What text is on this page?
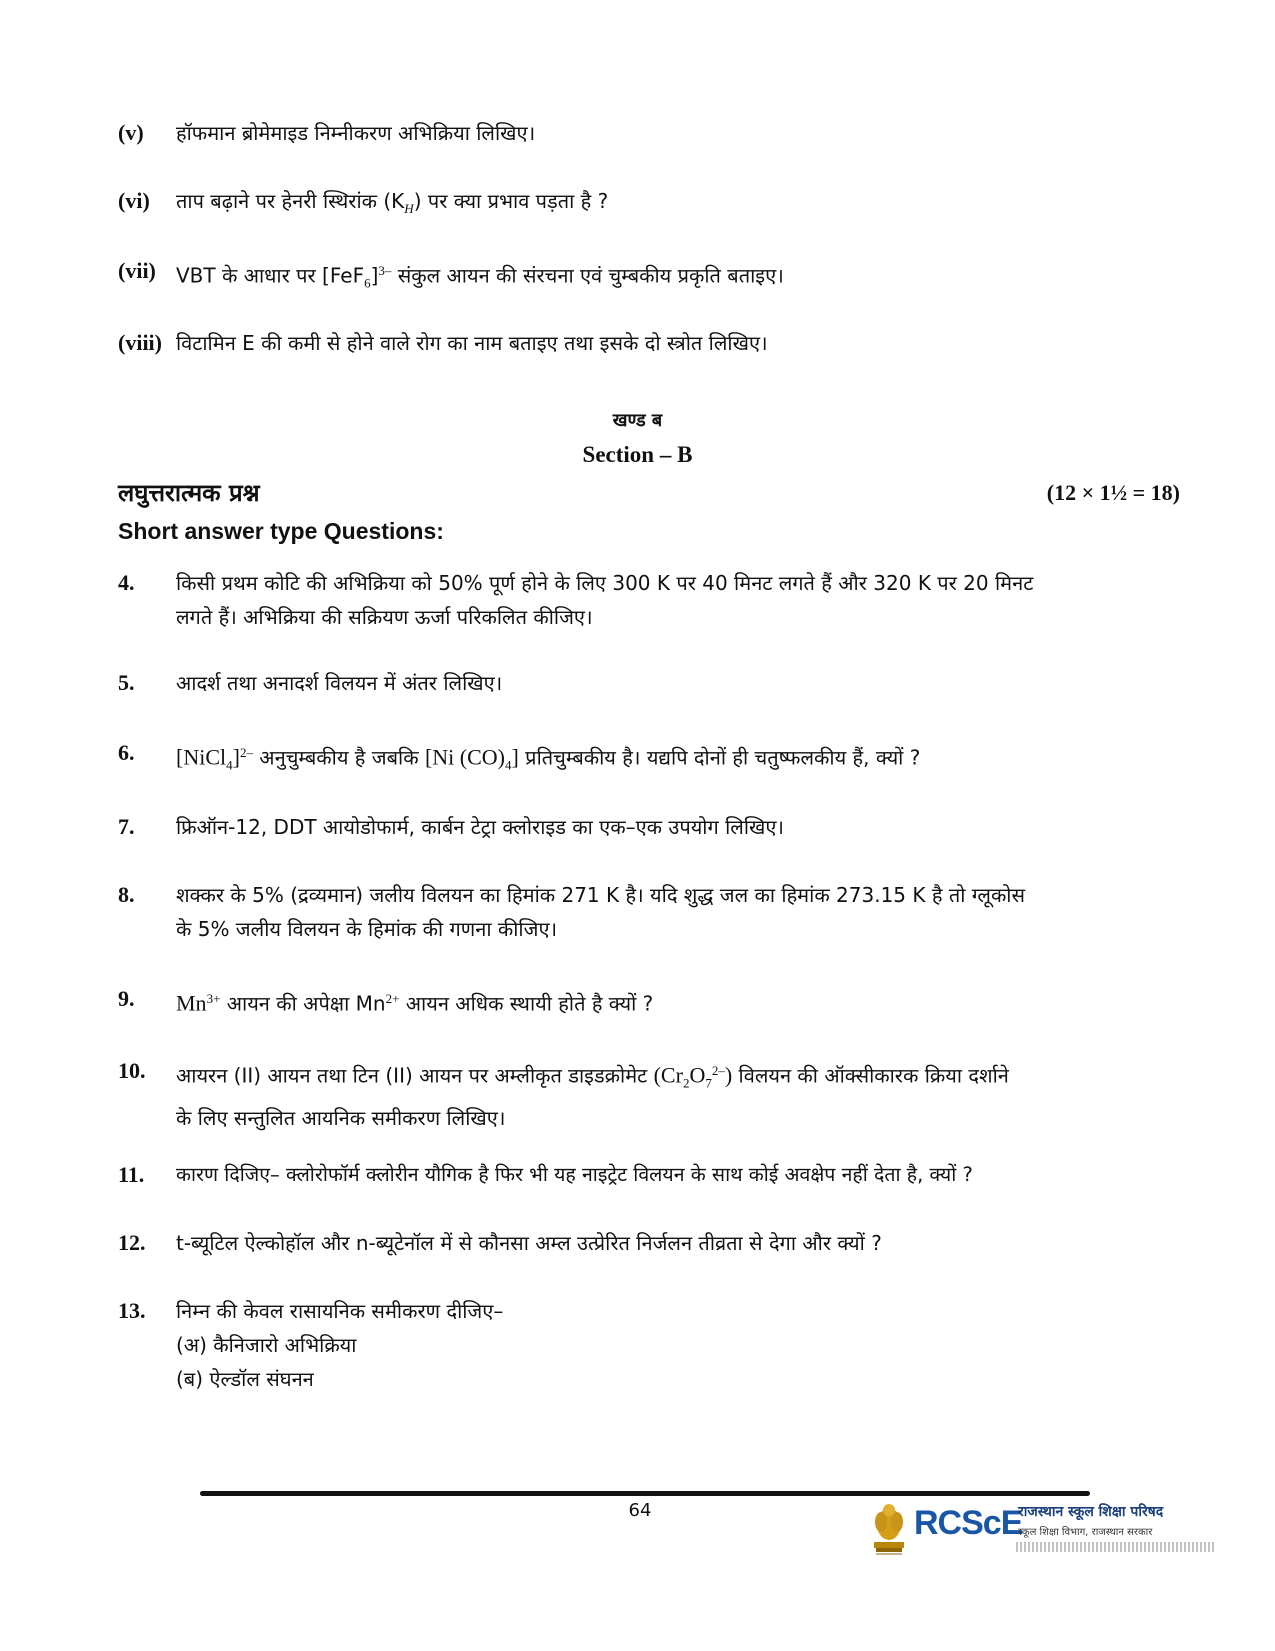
(v) हॉफमान ब्रोमेमाइड निम्नीकरण अभिक्रिया लिखिए।
(vi) ताप बढ़ाने पर हेनरी स्थिरांक $(K_H)$ पर क्या प्रभाव पड़ता है ?
(vii) VBT के आधार पर $[FeF_6]^{3-}$ संकुल आयन की संरचना एवं चुम्बकीय प्रकृति बताइए।
(viii) विटामिन E की कमी से होने वाले रोग का नाम बताइए तथा इसके दो स्त्रोत लिखिए।
खण्ड ब
Section – B
लघुत्तरात्मक प्रश्न	(12 × 1½ = 18)
Short answer type Questions:
4. किसी प्रथम कोटि की अभिक्रिया को 50% पूर्ण होने के लिए 300 K पर 40 मिनट लगते हैं और 320 K पर 20 मिनट
लगते हैं। अभिक्रिया की सक्रियण ऊर्जा परिकलित कीजिए।
5. आदर्श तथा अनादर्श विलयन में अंतर लिखिए।
6. [NiCl$_4$]$^{2-}$ अनुचुम्बकीय है जबकि [Ni $(CO)_4$] प्रतिचुम्बकीय है। यद्यपि दोनों ही चतुष्फलकीय हैं, क्यों ?
7. फ्रिऑन-12, DDT आयोडोफार्म, कार्बन टेट्रा क्लोराइड का एक–एक उपयोग लिखिए।
8. शक्कर के 5% (द्रव्यमान) जलीय विलयन का हिमांक 271 K है। यदि शुद्ध जल का हिमांक 273.15 K है तो ग्लूकोस
के 5% जलीय विलयन के हिमांक की गणना कीजिए।
9. $Mn^{3+}$ आयन की अपेक्षा $Mn^{2+}$ आयन अधिक स्थायी होते है क्यों ?
10. आयरन (II) आयन तथा टिन (II) आयन पर अम्लीकृत डाइडक्रोमेट $(Cr_2O_7^{2-})$ विलयन की ऑक्सीकारक क्रिया दर्शाने
के लिए सन्तुलित आयनिक समीकरण लिखिए।
11. कारण दिजिए– क्लोरोफॉर्म क्लोरीन यौगिक है फिर भी यह नाइट्रेट विलयन के साथ कोई अवक्षेप नहीं देता है, क्यों ?
12. t-ब्यूटिल ऐल्कोहॉल और n-ब्यूटेनॉल में से कौनसा अम्ल उत्प्रेरित निर्जलन तीव्रता से देगा और क्यों ?
13. निम्न की केवल रासायनिक समीकरण दीजिए–
(अ) कैनिजारो अभिक्रिया
(ब) ऐल्डॉल संघनन
64	RCScE
राजस्थान स्कूल शिक्षा परिषद
स्कूल शिक्षा विभाग, राजस्थान सरकार
